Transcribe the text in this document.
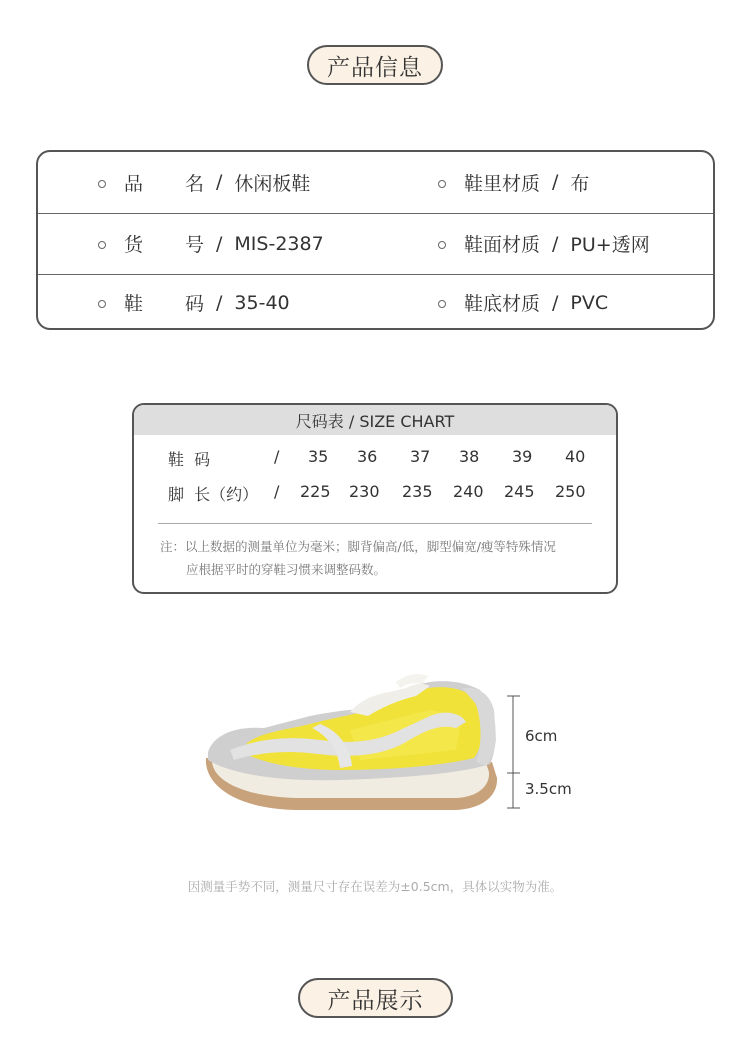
产品信息
品 名 / 休闲板鞋	鞋里材质 / 布
货 号 / MIS-2387	鞋面材质 / PU+透网
鞋 码 / 35-40	鞋底材质 / PVC
尺码表 / SIZE CHART
鞋  码	/ 35 36 37 38 39 40
脚  长（约） / 225 230 235 240 245 250
注：以上数据的测量单位为毫米；脚背偏高/低，脚型偏宽/瘦等特殊情况
应根据平时的穿鞋习惯来调整码数。
6cm
3.5cm
因测量手势不同，测量尺寸存在误差为±0.5cm，具体以实物为准。
产品展示
